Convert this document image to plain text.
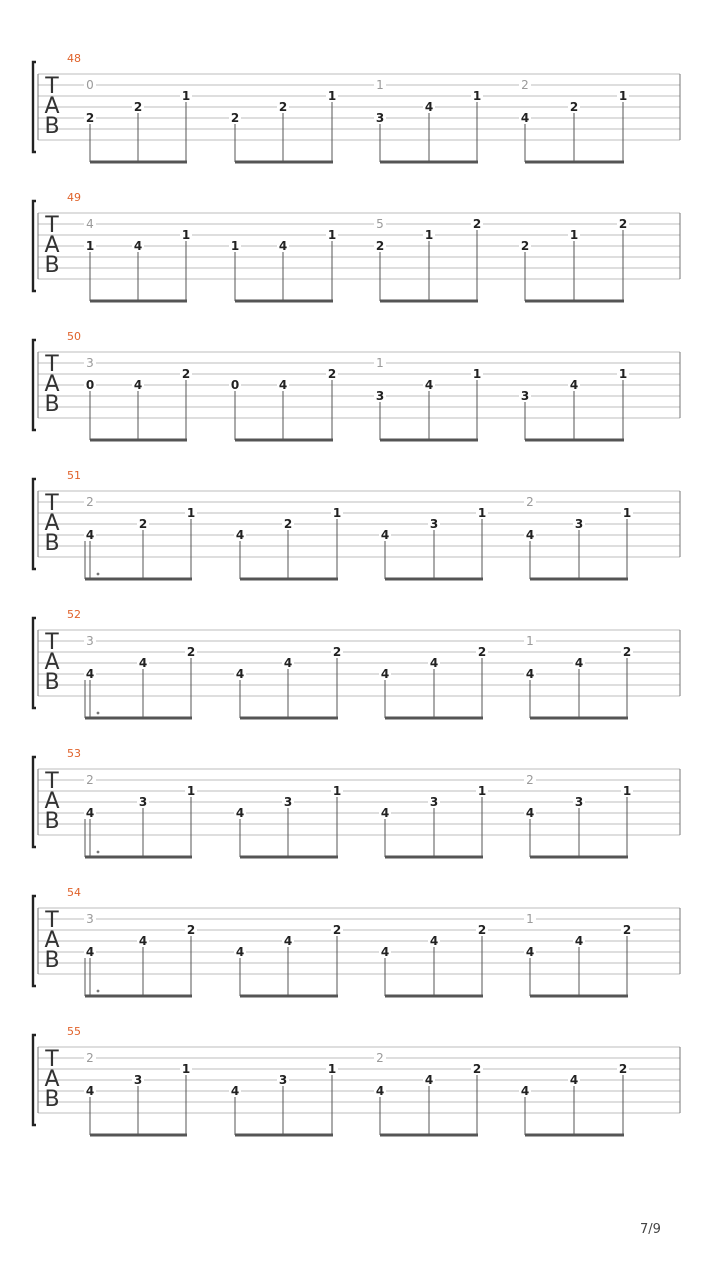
T
A
B
48
0
2
2
1
2
2
1
1
3
4
1
2
4
2
1
T
A
B
49
4
1	4
1
1	4
1
5
2
1
2
2
1
2
T
A
B
50
3
0	4
2
0	4
2
1
3
4
1
3
4
1
T
A
B
51
2
4
2
1
4
2
1
4
3
1
2
4
3
1
T
A
B
52
3
4
4
2
4
4
2
4
4
2
1
4
4
2
T
A
B
53
2
4
3
1
4
3
1
4
3
1
2
4
3
1
T
A
B
54
3
4
4
2
4
4
2
4
4
2
1
4
4
2
T
A
B
55
2
4
3
1
4
3
1
2
4
4
2
4
4
2
7/9
